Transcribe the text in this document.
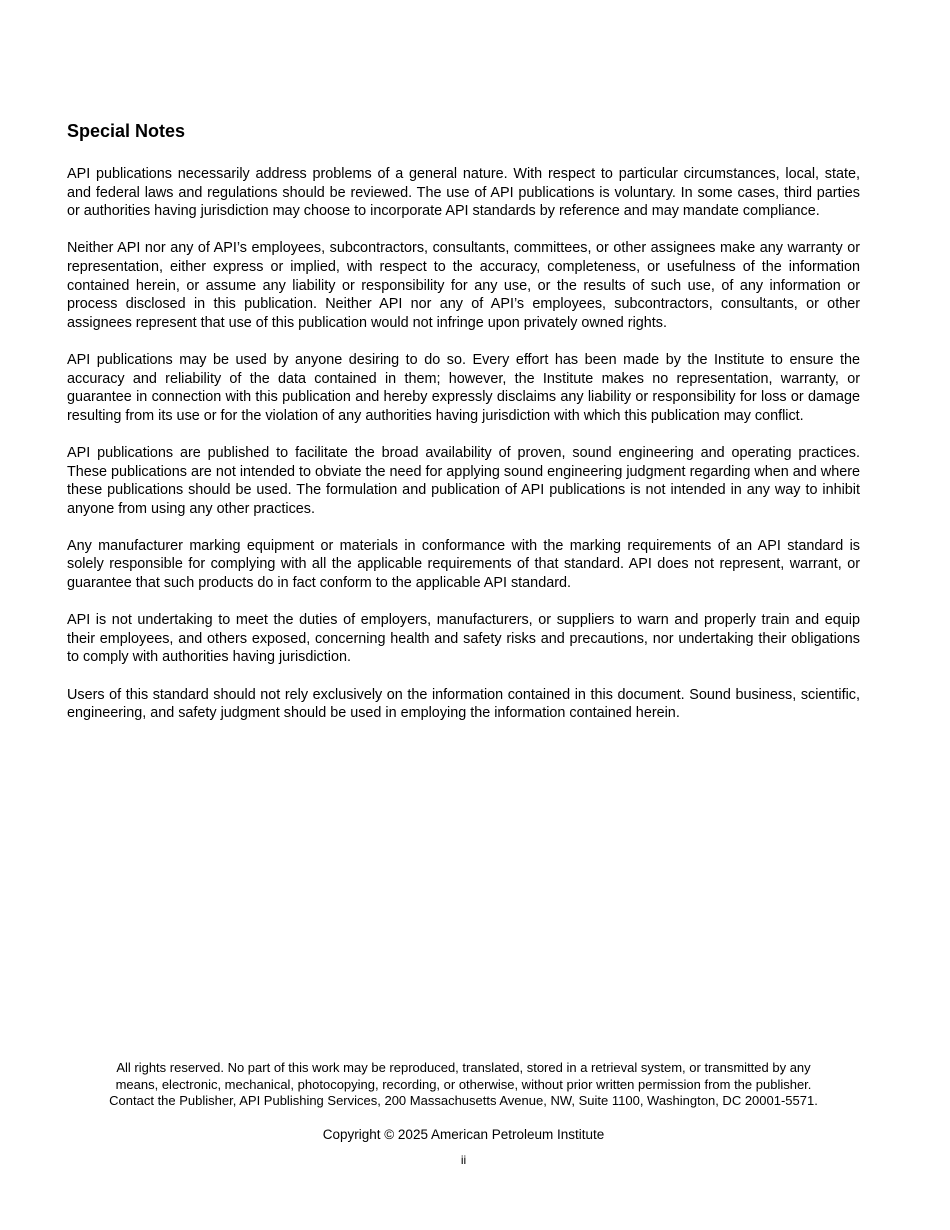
Special Notes

API publications necessarily address problems of a general nature. With respect to particular circumstances, local, state, and federal laws and regulations should be reviewed. The use of API publications is voluntary. In some cases, third parties or authorities having jurisdiction may choose to incorporate API standards by reference and may mandate compliance.

Neither API nor any of API’s employees, subcontractors, consultants, committees, or other assignees make any warranty or representation, either express or implied, with respect to the accuracy, completeness, or usefulness of the information contained herein, or assume any liability or responsibility for any use, or the results of such use, of any information or process disclosed in this publication. Neither API nor any of API’s employees, subcontractors, consultants, or other assignees represent that use of this publication would not infringe upon privately owned rights.

API publications may be used by anyone desiring to do so. Every effort has been made by the Institute to ensure the accuracy and reliability of the data contained in them; however, the Institute makes no representation, warranty, or guarantee in connection with this publication and hereby expressly disclaims any liability or responsibility for loss or damage resulting from its use or for the violation of any authorities having jurisdiction with which this publication may conflict.

API publications are published to facilitate the broad availability of proven, sound engineering and operating practices. These publications are not intended to obviate the need for applying sound engineering judgment regarding when and where these publications should be used. The formulation and publication of API publications is not intended in any way to inhibit anyone from using any other practices.

Any manufacturer marking equipment or materials in conformance with the marking requirements of an API standard is solely responsible for complying with all the applicable requirements of that standard. API does not represent, warrant, or guarantee that such products do in fact conform to the applicable API standard.

API is not undertaking to meet the duties of employers, manufacturers, or suppliers to warn and properly train and equip their employees, and others exposed, concerning health and safety risks and precautions, nor undertaking their obligations to comply with authorities having jurisdiction.

Users of this standard should not rely exclusively on the information contained in this document. Sound business, scientific, engineering, and safety judgment should be used in employing the information contained herein.

All rights reserved. No part of this work may be reproduced, translated, stored in a retrieval system, or transmitted by any
means, electronic, mechanical, photocopying, recording, or otherwise, without prior written permission from the publisher.
Contact the Publisher, API Publishing Services, 200 Massachusetts Avenue, NW, Suite 1100, Washington, DC 20001-5571.
Copyright © 2025 American Petroleum Institute
ii
